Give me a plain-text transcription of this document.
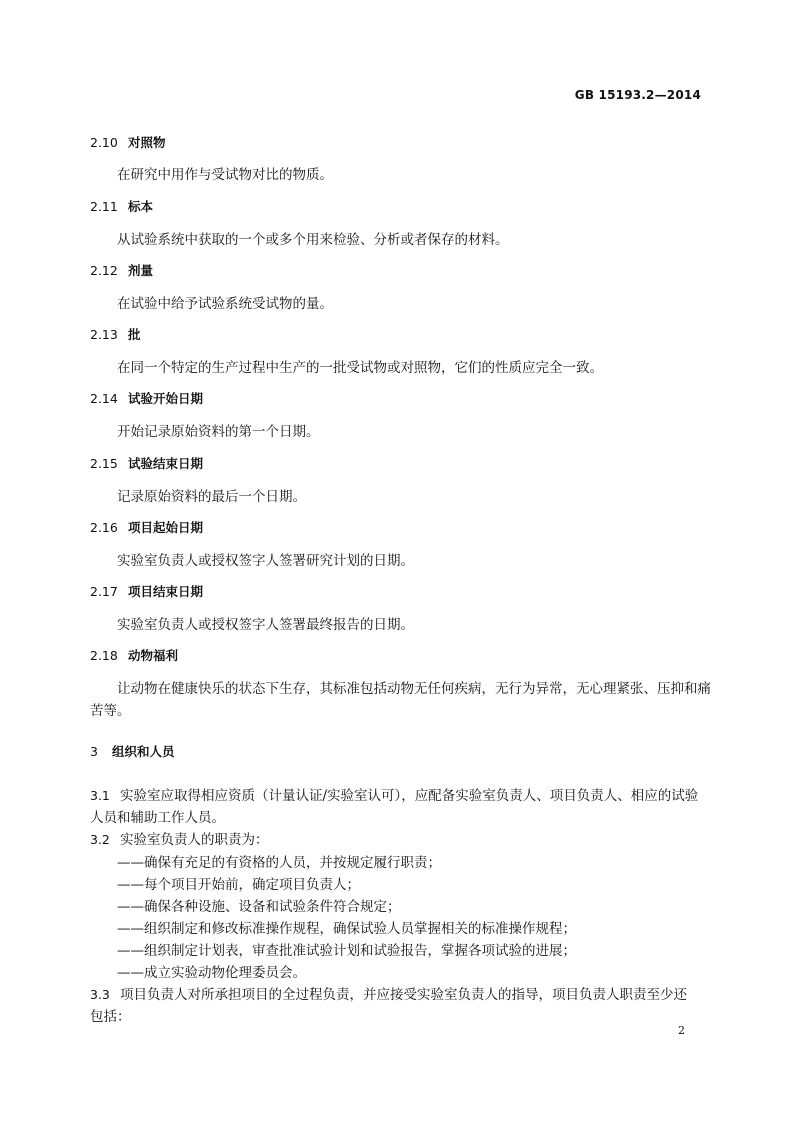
GB 15193.2—2014
2.10 对照物
在研究中用作与受试物对比的物质。
2.11 标本
从试验系统中获取的一个或多个用来检验、分析或者保存的材料。
2.12 剂量
在试验中给予试验系统受试物的量。
2.13 批
在同一个特定的生产过程中生产的一批受试物或对照物，它们的性质应完全一致。
2.14 试验开始日期
开始记录原始资料的第一个日期。
2.15 试验结束日期
记录原始资料的最后一个日期。
2.16 项目起始日期
实验室负责人或授权签字人签署研究计划的日期。
2.17 项目结束日期
实验室负责人或授权签字人签署最终报告的日期。
2.18 动物福利
让动物在健康快乐的状态下生存，其标准包括动物无任何疾病，无行为异常，无心理紧张、压抑和痛
苦等。
3 组织和人员
3.1 实验室应取得相应资质（计量认证/实验室认可），应配备实验室负责人、项目负责人、相应的试验
人员和辅助工作人员。
3.2 实验室负责人的职责为：
——确保有充足的有资格的人员，并按规定履行职责；
——每个项目开始前，确定项目负责人；
——确保各种设施、设备和试验条件符合规定；
——组织制定和修改标准操作规程，确保试验人员掌握相关的标准操作规程；
——组织制定计划表，审查批准试验计划和试验报告，掌握各项试验的进展；
——成立实验动物伦理委员会。
3.3 项目负责人对所承担项目的全过程负责，并应接受实验室负责人的指导，项目负责人职责至少还
包括：
2
